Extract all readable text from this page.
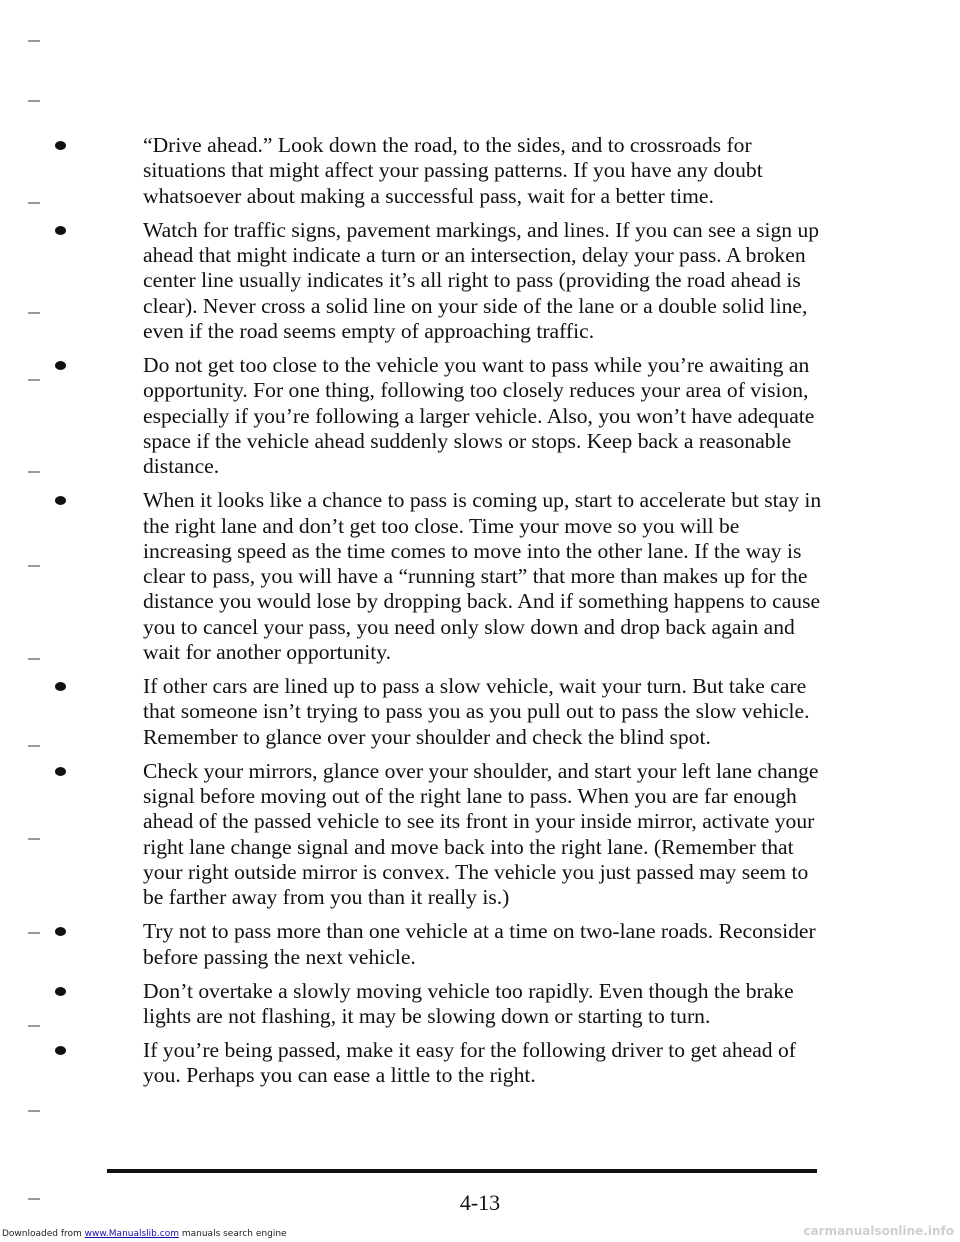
“Drive ahead.” Look down the road, to the sides, and to crossroads for situations that might affect your passing patterns. If you have any doubt whatsoever about making a successful pass, wait for a better time.
Watch for traffic signs, pavement markings, and lines. If you can see a sign up ahead that might indicate a turn or an intersection, delay your pass. A broken center line usually indicates it’s all right to pass (providing the road ahead is clear). Never cross a solid line on your side of the lane or a double solid line, even if the road seems empty of approaching traffic.
Do not get too close to the vehicle you want to pass while you’re awaiting an opportunity. For one thing, following too closely reduces your area of vision, especially if you’re following a larger vehicle. Also, you won’t have adequate space if the vehicle ahead suddenly slows or stops. Keep back a reasonable distance.
When it looks like a chance to pass is coming up, start to accelerate but stay in the right lane and don’t get too close. Time your move so you will be increasing speed as the time comes to move into the other lane. If the way is clear to pass, you will have a “running start” that more than makes up for the distance you would lose by dropping back. And if something happens to cause you to cancel your pass, you need only slow down and drop back again and wait for another opportunity.
If other cars are lined up to pass a slow vehicle, wait your turn. But take care that someone isn’t trying to pass you as you pull out to pass the slow vehicle. Remember to glance over your shoulder and check the blind spot.
Check your mirrors, glance over your shoulder, and start your left lane change signal before moving out of the right lane to pass. When you are far enough ahead of the passed vehicle to see its front in your inside mirror, activate your right lane change signal and move back into the right lane. (Remember that your right outside mirror is convex. The vehicle you just passed may seem to be farther away from you than it really is.)
Try not to pass more than one vehicle at a time on two-lane roads. Reconsider before passing the next vehicle.
Don’t overtake a slowly moving vehicle too rapidly. Even though the brake lights are not flashing, it may be slowing down or starting to turn.
If you’re being passed, make it easy for the following driver to get ahead of you. Perhaps you can ease a little to the right.
4-13
Downloaded from www.Manualslib.com manuals search engine	carmanualsonline.info
